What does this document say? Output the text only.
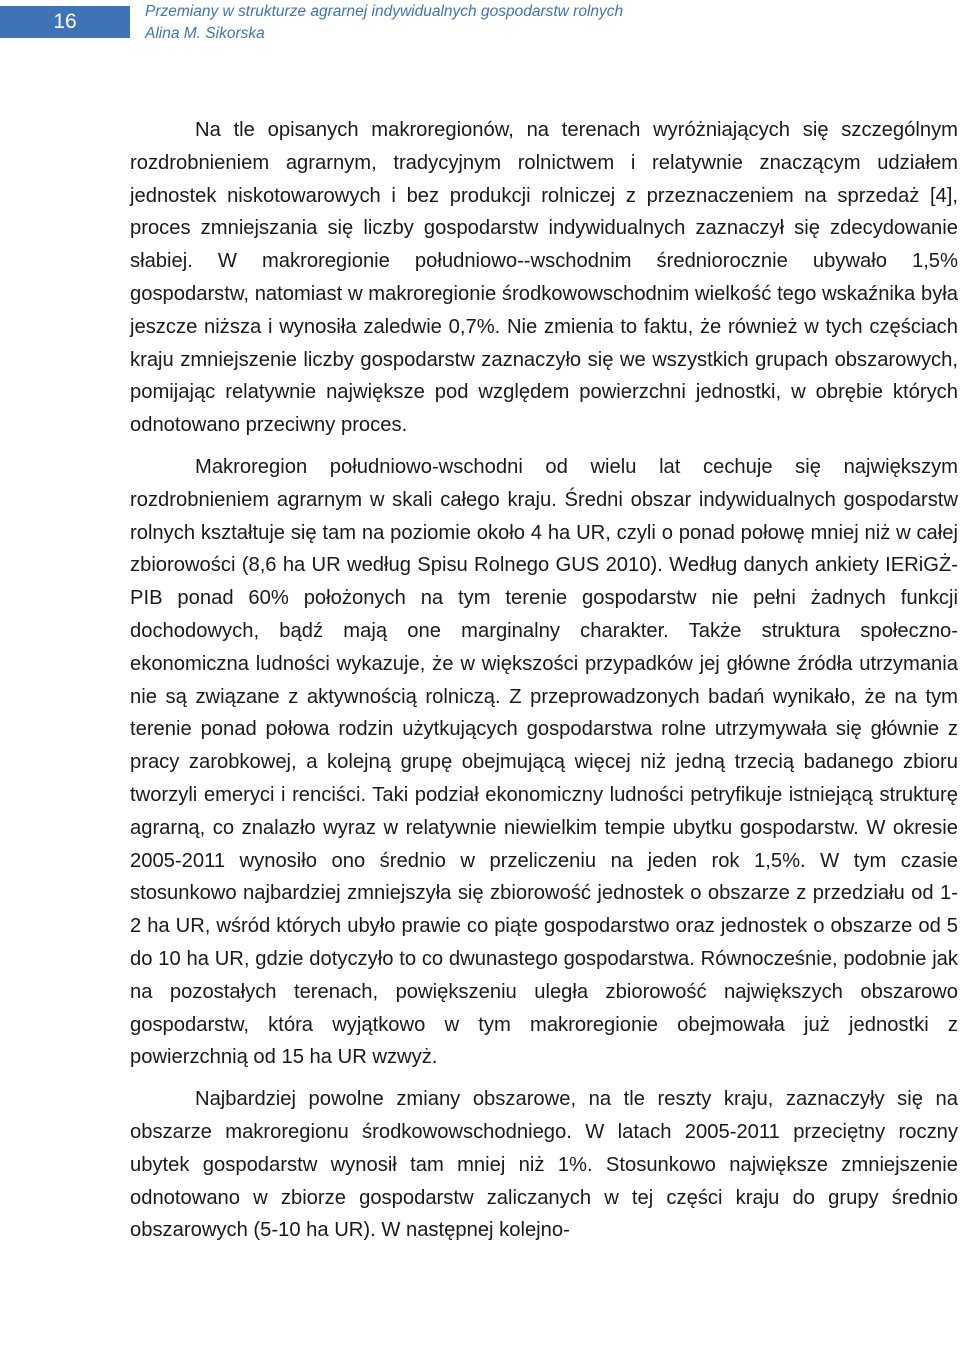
16	Przemiany w strukturze agrarnej indywidualnych gospodarstw rolnych
Alina M. Sikorska

Na tle opisanych makroregionów, na terenach wyróżniających się szczególnym rozdrobnieniem agrarnym, tradycyjnym rolnictwem i relatywnie znaczącym udziałem jednostek niskotowarowych i bez produkcji rolniczej z przeznaczeniem na sprzedaż [4], proces zmniejszania się liczby gospodarstw indywidualnych zaznaczył się zdecydowanie słabiej. W makroregionie południowo-‑wschodnim średniorocznie ubywało 1,5% gospodarstw, natomiast w makroregionie środkowowschodnim wielkość tego wskaźnika była jeszcze niższa i wynosiła zaledwie 0,7%. Nie zmienia to faktu, że również w tych częściach kraju zmniejszenie liczby gospodarstw zaznaczyło się we wszystkich grupach obszarowych, pomijając relatywnie największe pod względem powierzchni jednostki, w obrębie których odnotowano przeciwny proces.

Makroregion południowo-wschodni od wielu lat cechuje się największym rozdrobnieniem agrarnym w skali całego kraju. Średni obszar indywidualnych gospodarstw rolnych kształtuje się tam na poziomie około 4 ha UR, czyli o ponad połowę mniej niż w całej zbiorowości (8,6 ha UR według Spisu Rolnego GUS 2010). Według danych ankiety IERiGŻ-PIB ponad 60% położonych na tym terenie gospodarstw nie pełni żadnych funkcji dochodowych, bądź mają one marginalny charakter. Także struktura społeczno-ekonomiczna ludności wykazuje, że w większości przypadków jej główne źródła utrzymania nie są związane z aktywnością rolniczą. Z przeprowadzonych badań wynikało, że na tym terenie ponad połowa rodzin użytkujących gospodarstwa rolne utrzymywała się głównie z pracy zarobkowej, a kolejną grupę obejmującą więcej niż jedną trzecią badanego zbioru tworzyli emeryci i renciści. Taki podział ekonomiczny ludności petryfikuje istniejącą strukturę agrarną, co znalazło wyraz w relatywnie niewielkim tempie ubytku gospodarstw. W okresie 2005-2011 wynosiło ono średnio w przeliczeniu na jeden rok 1,5%. W tym czasie stosunkowo najbardziej zmniejszyła się zbiorowość jednostek o obszarze z przedziału od 1-2 ha UR, wśród których ubyło prawie co piąte gospodarstwo oraz jednostek o obszarze od 5 do 10 ha UR, gdzie dotyczyło to co dwunastego gospodarstwa. Równocześnie, podobnie jak na pozostałych terenach, powiększeniu uległa zbiorowość największych obszarowo gospodarstw, która wyjątkowo w tym makroregionie obejmowała już jednostki z powierzchnią od 15 ha UR wzwyż.

Najbardziej powolne zmiany obszarowe, na tle reszty kraju, zaznaczyły się na obszarze makroregionu środkowowschodniego. W latach 2005-2011 przeciętny roczny ubytek gospodarstw wynosił tam mniej niż 1%. Stosunkowo największe zmniejszenie odnotowano w zbiorze gospodarstw zaliczanych w tej części kraju do grupy średnio obszarowych (5-10 ha UR). W następnej kolejno-
